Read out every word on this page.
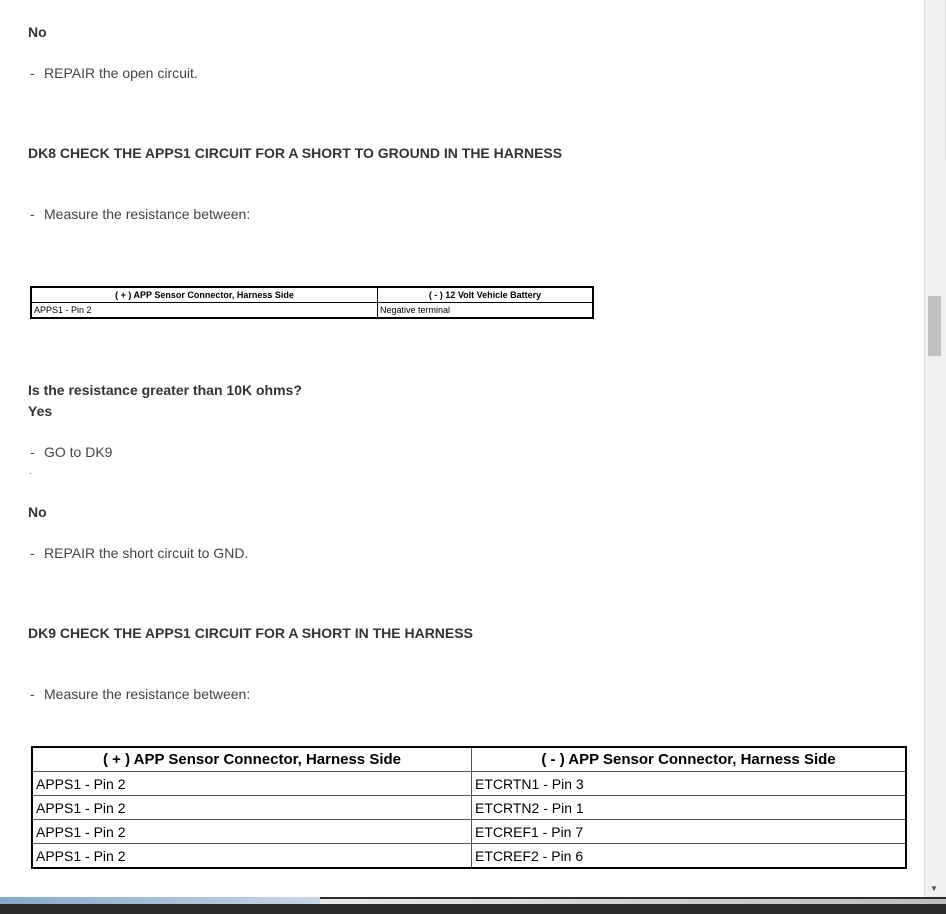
No
- REPAIR the open circuit.
DK8 CHECK THE APPS1 CIRCUIT FOR A SHORT TO GROUND IN THE HARNESS
- Measure the resistance between:
( + ) APP Sensor Connector, Harness Side	( - ) 12 Volt Vehicle Battery
APPS1 - Pin 2	Negative terminal
Is the resistance greater than 10K ohms?
Yes
- GO to DK9
·
No
- REPAIR the short circuit to GND.
DK9 CHECK THE APPS1 CIRCUIT FOR A SHORT IN THE HARNESS
- Measure the resistance between:
( + ) APP Sensor Connector, Harness Side	( - ) APP Sensor Connector, Harness Side
APPS1 - Pin 2	ETCRTN1 - Pin 3
APPS1 - Pin 2	ETCRTN2 - Pin 1
APPS1 - Pin 2	ETCREF1 - Pin 7
APPS1 - Pin 2	ETCREF2 - Pin 6
▼
